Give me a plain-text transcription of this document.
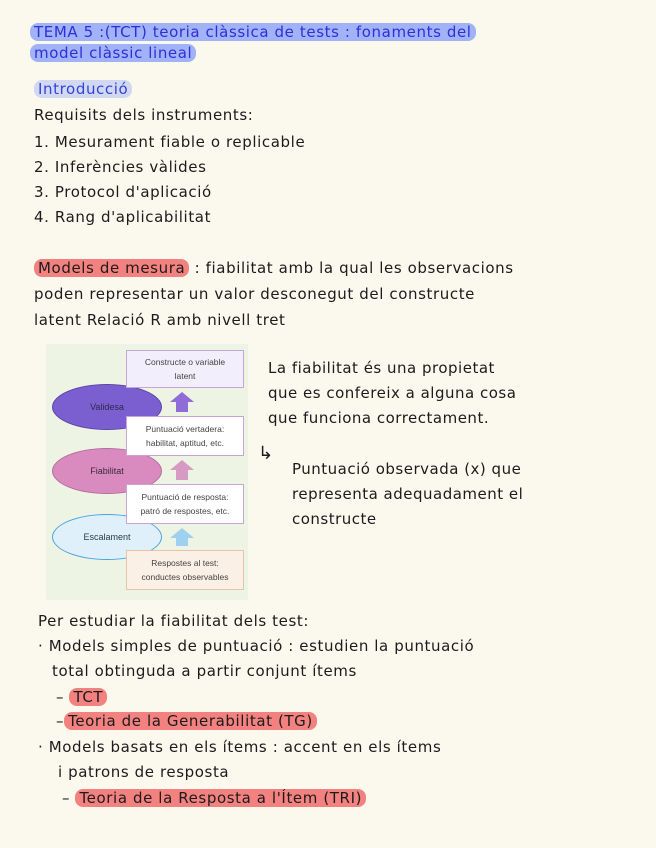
TEMA 5 :(TCT) teoria clàssica de tests : fonaments del
model clàssic lineal
Introducció
Requisits dels instruments:
1. Mesurament fiable o replicable
2. Inferències vàlides
3. Protocol d'aplicació
4. Rang d'aplicabilitat
Models de mesura : fiabilitat amb la qual les observacions
poden representar un valor desconegut del constructe
latent Relació R amb nivell tret
Validesa
Fiabilitat
Escalament
Constructe o variable
latent
Puntuació vertadera:
habilitat, aptitud, etc.
Puntuació de resposta:
patró de respostes, etc.
Respostes al test:
conductes observables
La fiabilitat és una propietat
que es confereix a alguna cosa
que funciona correctament.
↳
Puntuació observada (x) que
representa adequadament el
constructe
Per estudiar la fiabilitat dels test:
· Models simples de puntuació : estudien la puntuació
total obtinguda a partir conjunt ítems
– TCT
– Teoria de la Generabilitat (TG)
· Models basats en els ítems : accent en els ítems
i patrons de resposta
– Teoria de la Resposta a l'Ítem (TRI)
